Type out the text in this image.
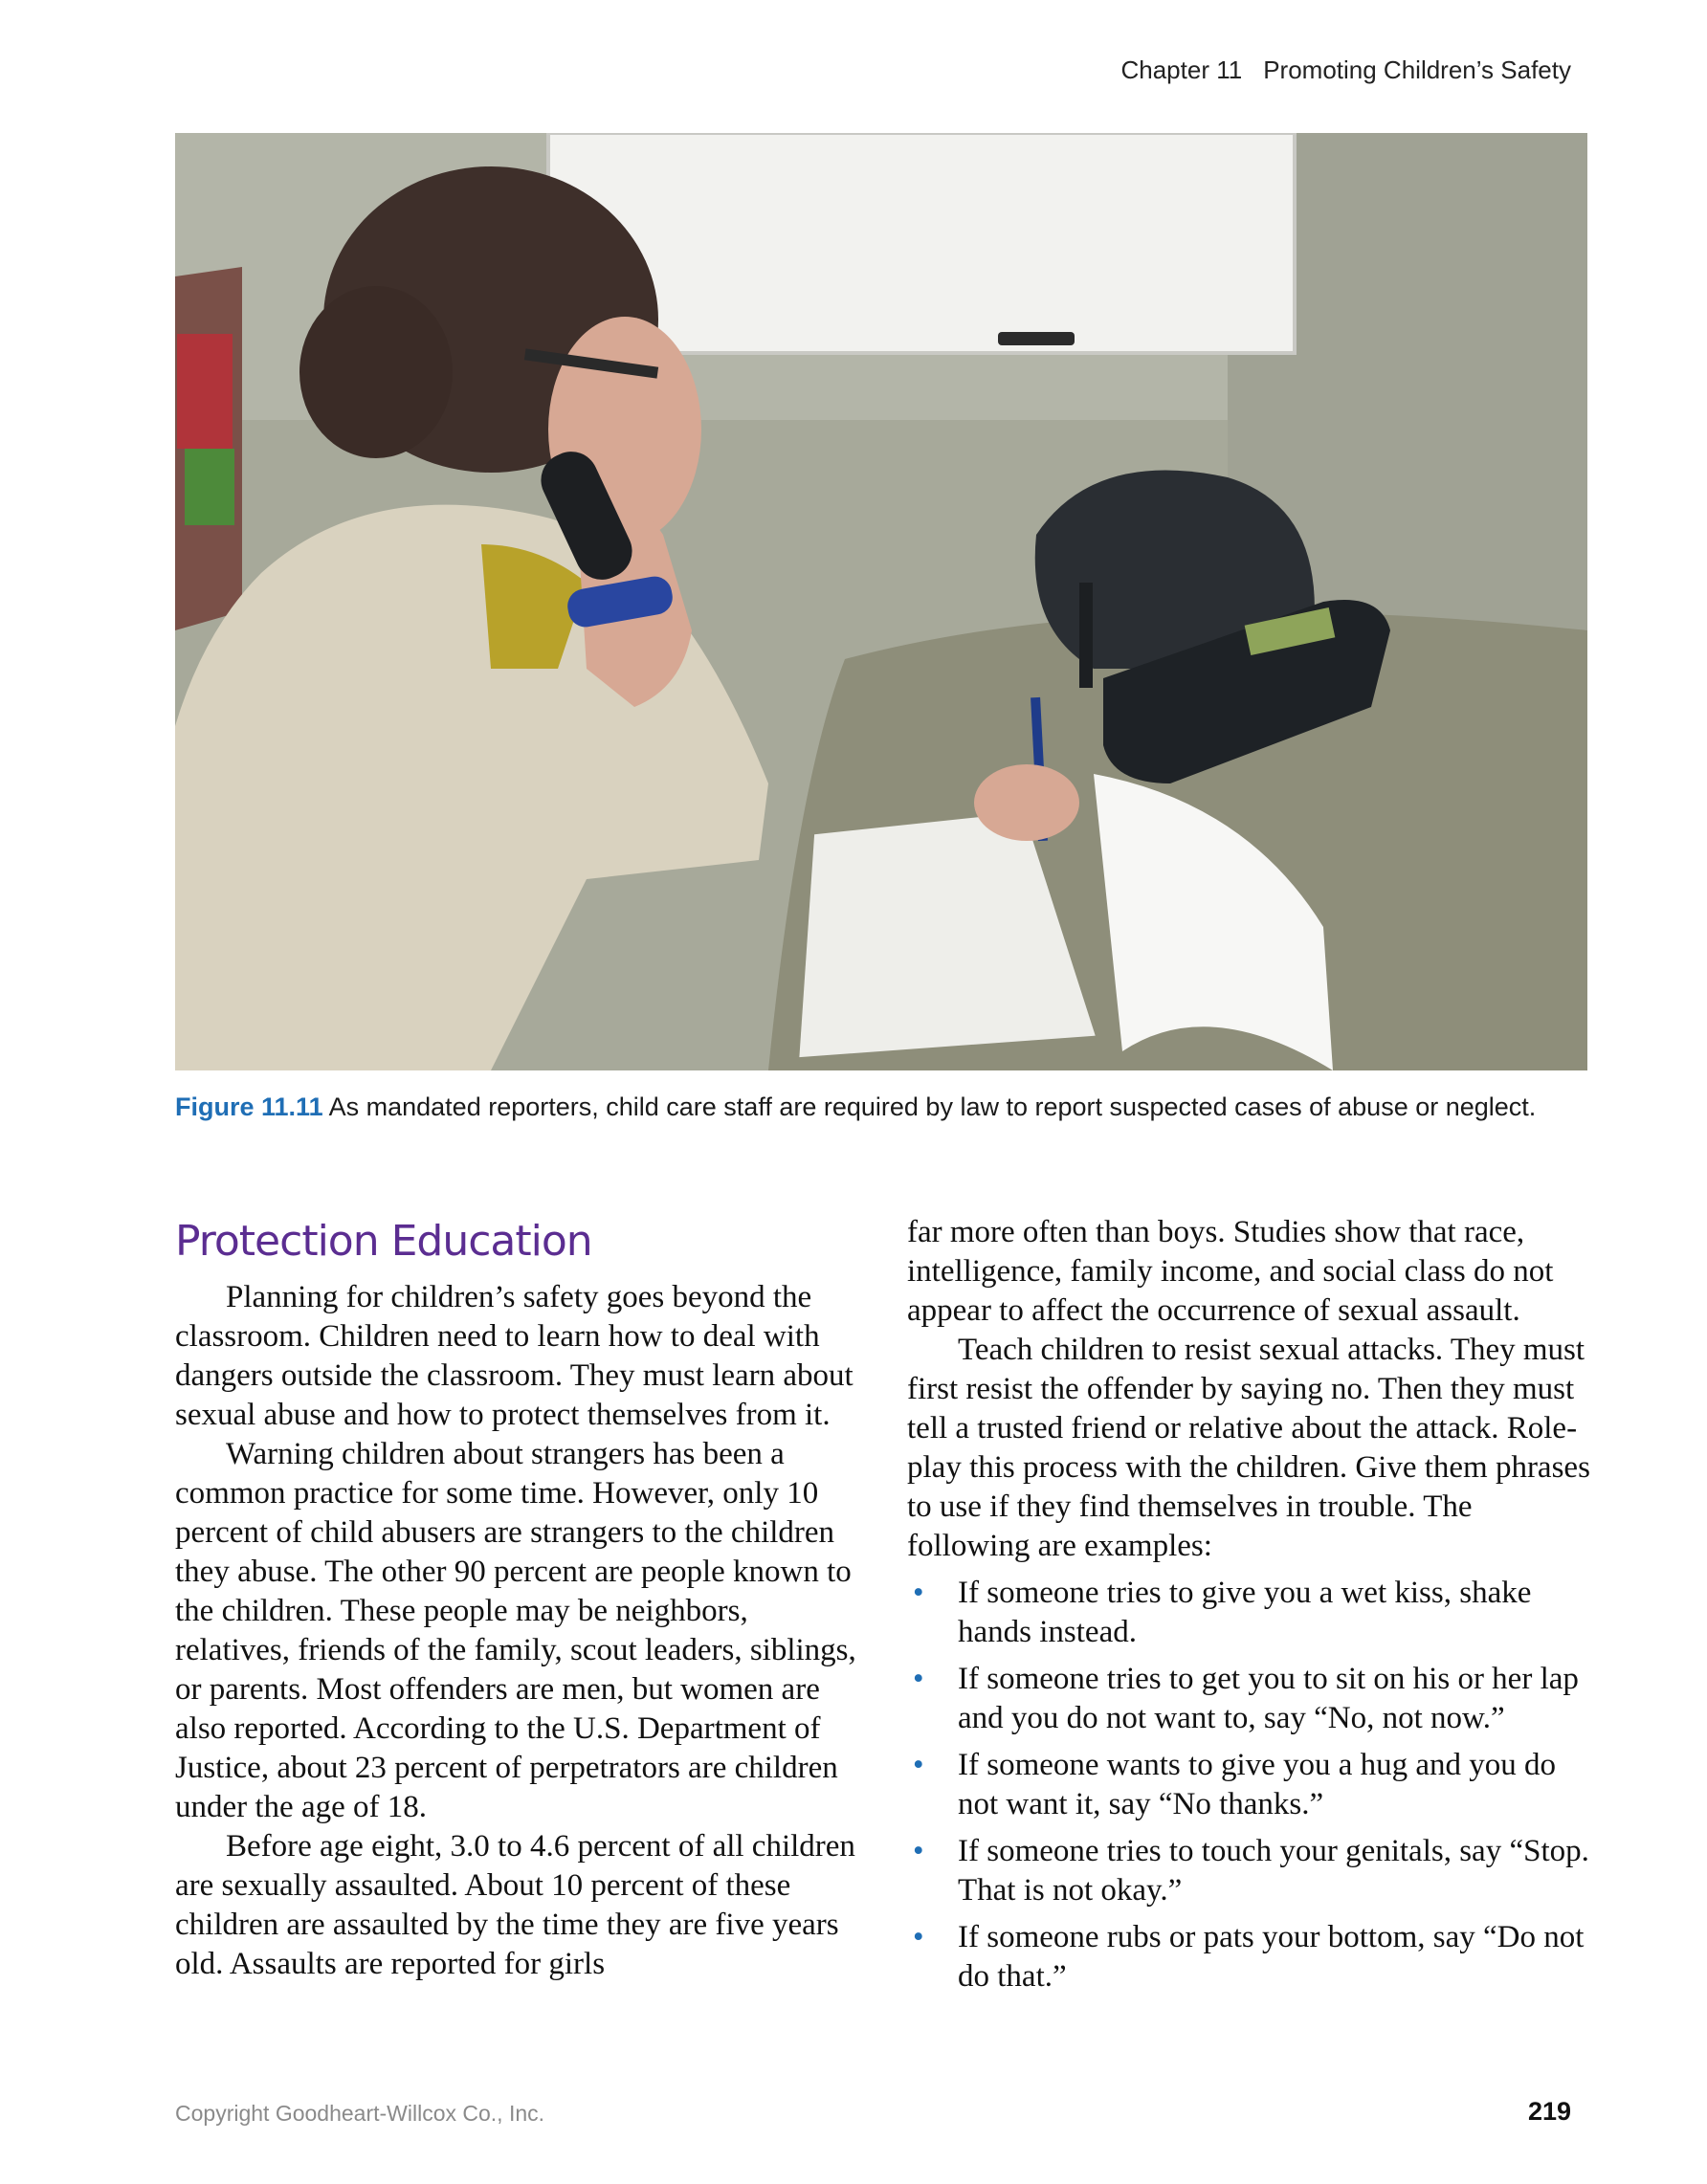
Chapter 11 Promoting Children’s Safety
Figure 11.11 As mandated reporters, child care staff are required by law to report suspected cases of abuse or neglect.
Protection Education

Planning for children’s safety goes beyond the classroom. Children need to learn how to deal with dangers outside the classroom. They must learn about sexual abuse and how to protect themselves from it.

Warning children about strangers has been a common practice for some time. However, only 10 percent of child abusers are strangers to the children they abuse. The other 90 percent are people known to the children. These people may be neighbors, relatives, friends of the family, scout leaders, siblings, or parents. Most offenders are men, but women are also reported. According to the U.S. Department of Justice, about 23 percent of perpetrators are children under the age of 18.

Before age eight, 3.0 to 4.6 percent of all children are sexually assaulted. About 10 percent of these children are assaulted by the time they are five years old. Assaults are reported for girls

far more often than boys. Studies show that race, intelligence, family income, and social class do not appear to affect the occurrence of sexual assault.

Teach children to resist sexual attacks. They must first resist the offender by saying no. Then they must tell a trusted friend or relative about the attack. Role-play this process with the children. Give them phrases to use if they find themselves in trouble. The following are examples:

• If someone tries to give you a wet kiss, shake hands instead.
• If someone tries to get you to sit on his or her lap and you do not want to, say “No, not now.”
• If someone wants to give you a hug and you do not want it, say “No thanks.”
• If someone tries to touch your genitals, say “Stop. That is not okay.”
• If someone rubs or pats your bottom, say “Do not do that.”
Copyright Goodheart-Willcox Co., Inc.	219
